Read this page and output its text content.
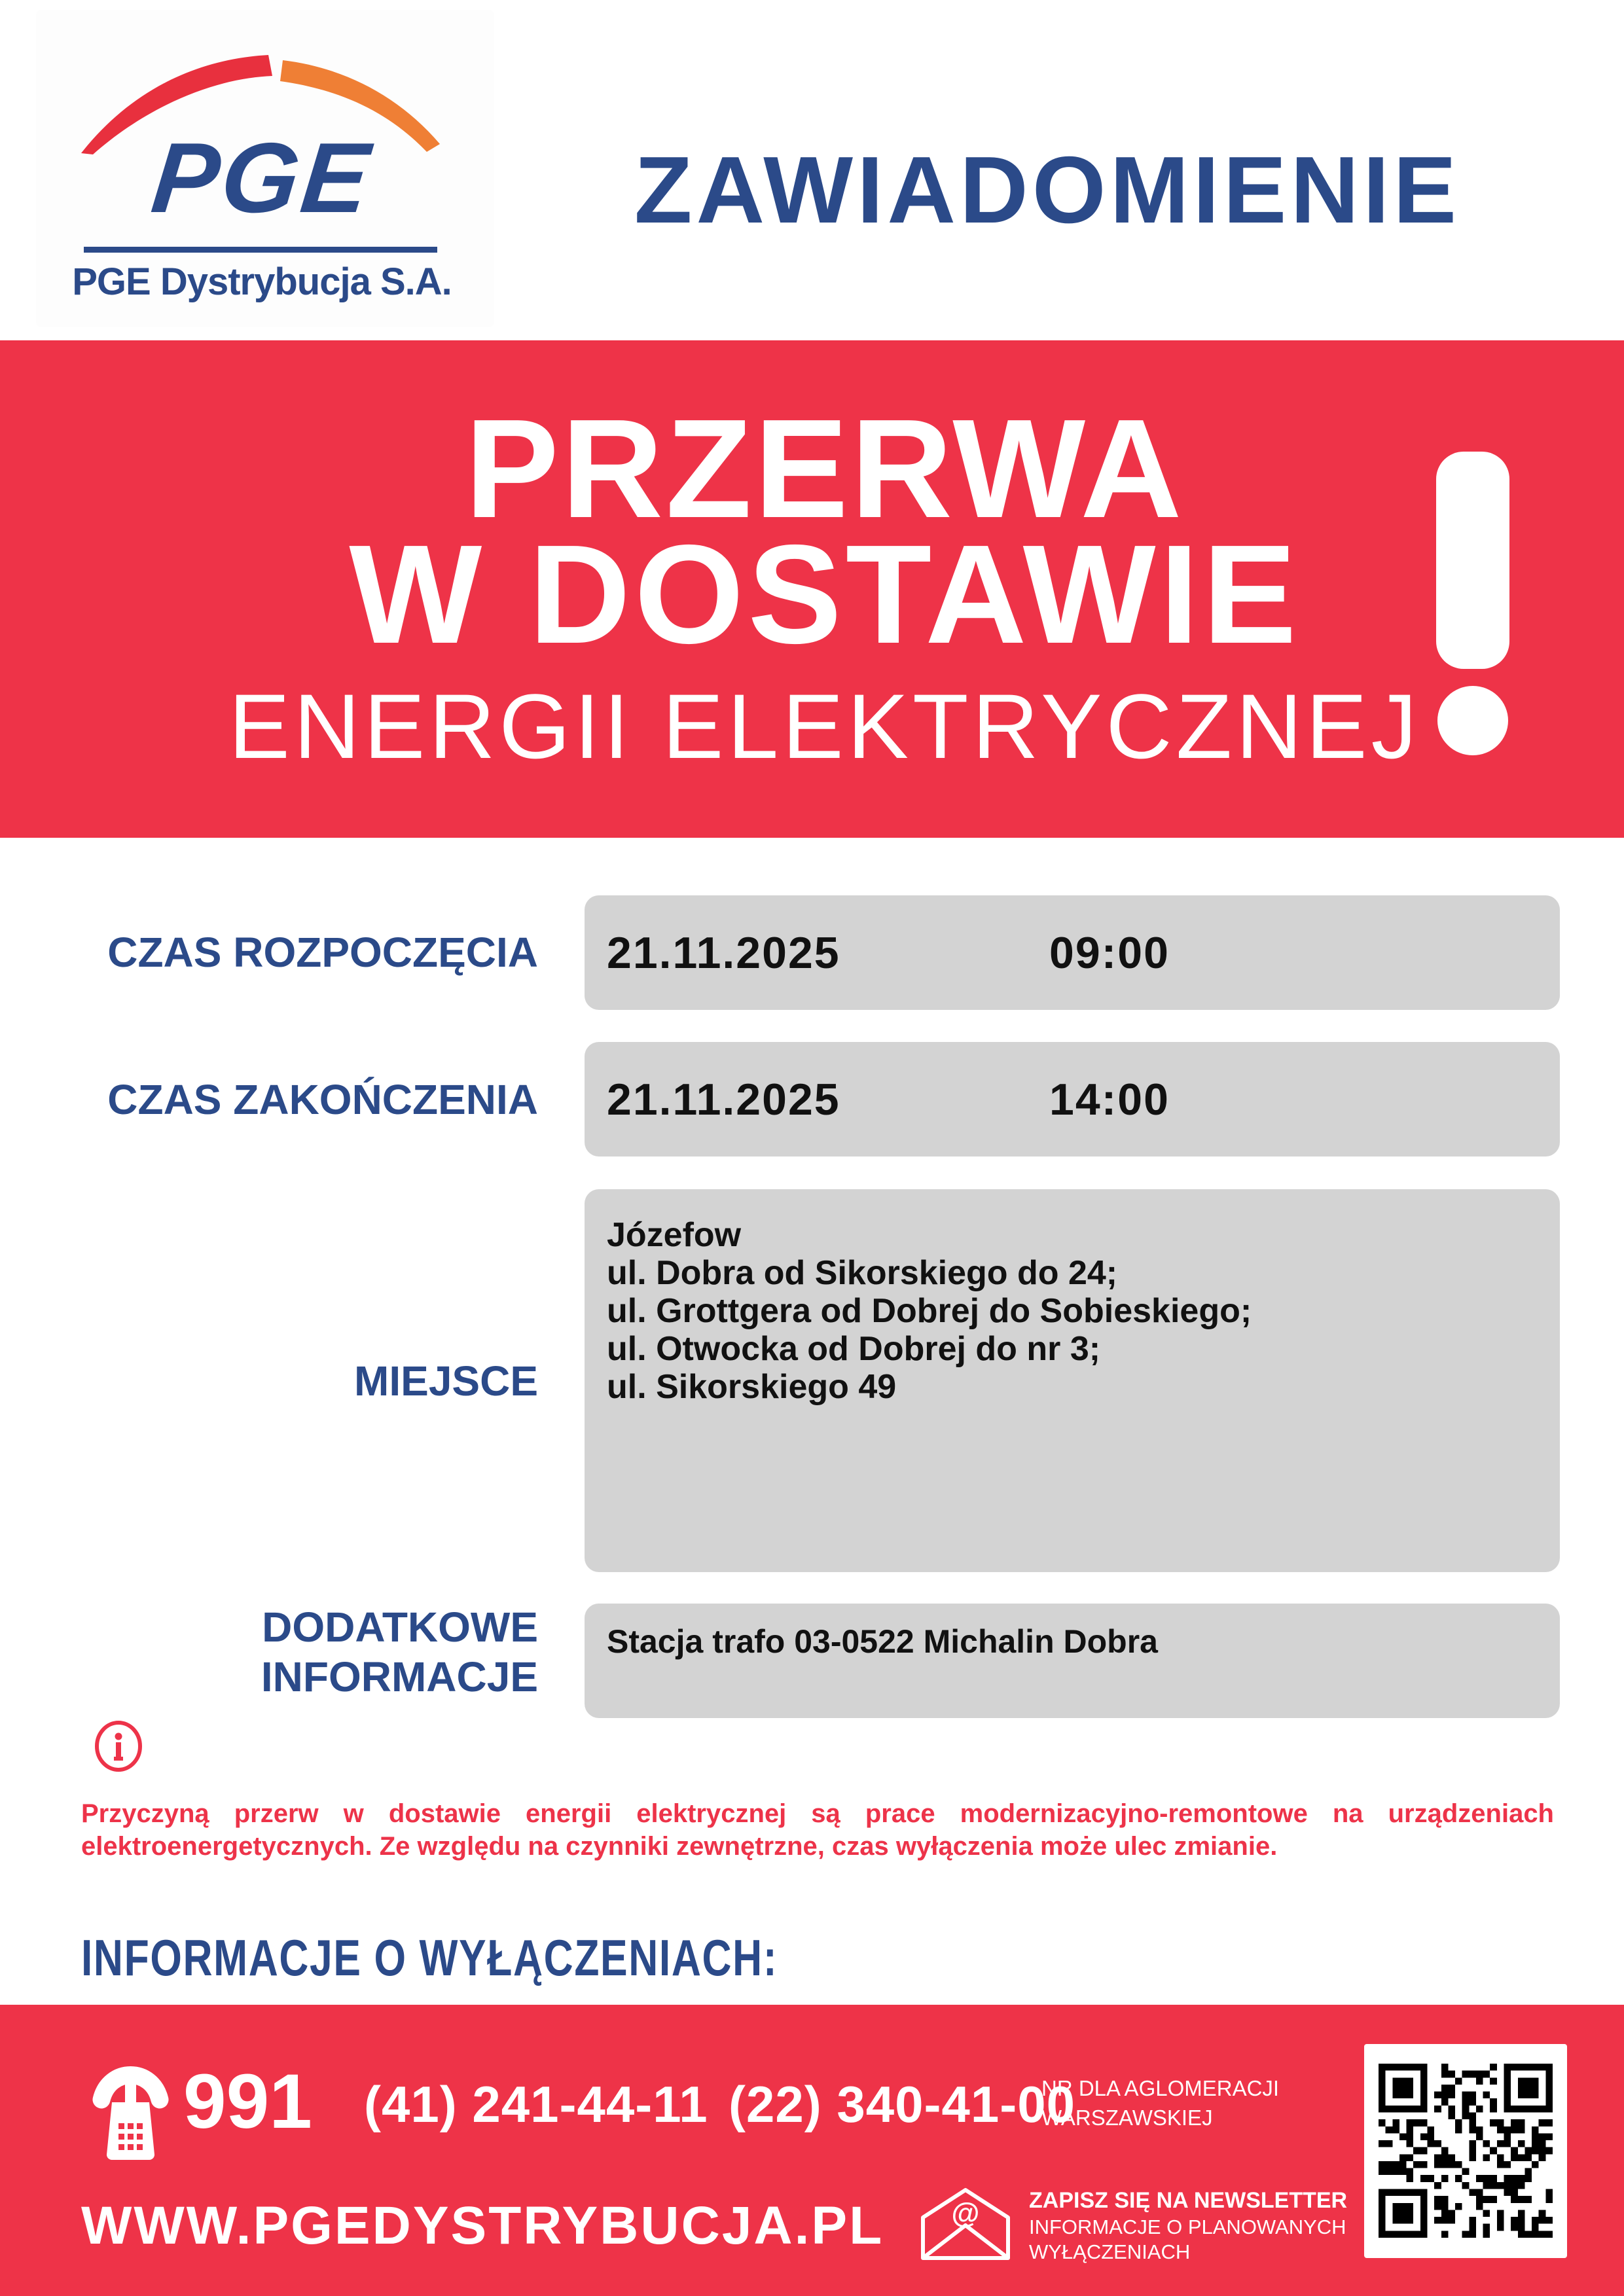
PGE
PGE Dystrybucja S.A.
ZAWIADOMIENIE
PRZERWA
W DOSTAWIE
ENERGII ELEKTRYCZNEJ
CZAS ROZPOCZĘCIA 21.11.2025	09:00
CZAS ZAKOŃCZENIA 21.11.2025	14:00
MIEJSCE
Józefow
ul. Dobra od Sikorskiego do 24;
ul. Grottgera od Dobrej do Sobieskiego;
ul. Otwocka od Dobrej do nr 3;
ul. Sikorskiego 49
DODATKOWE
INFORMACJE
Stacja trafo 03-0522 Michalin Dobra
Przyczyną przerw w dostawie energii elektrycznej są prace modernizacyjno-remontowe na urządzeniach
elektroenergetycznych. Ze względu na czynniki zewnętrzne, czas wyłączenia może ulec zmianie.
INFORMACJE O WYŁĄCZENIACH:
991 (41) 241-44-11 (22) 340-41-00
NR DLA AGLOMERACJI
WARSZAWSKIEJ
WWW.PGEDYSTRYBUCJA.PL @ ZAPISZ SIĘ NA NEWSLETTER
INFORMACJE O PLANOWANYCH
WYŁĄCZENIACH
